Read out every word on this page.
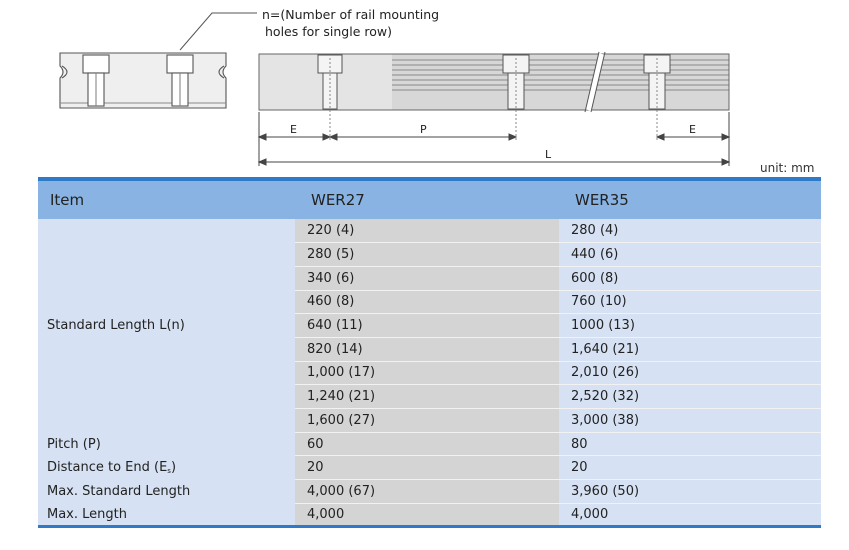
n=(Number of rail mounting
holes for single row)
E	P	E
L
unit: mm
Item	WER27	WER35
Standard Length L(n)	220 (4)	280 (4)
	280 (5)	440 (6)
	340 (6)	600 (8)
	460 (8)	760 (10)
	640 (11)	1000 (13)
	820 (14)	1,640 (21)
	1,000 (17)	2,010 (26)
	1,240 (21)	2,520 (32)
	1,600 (27)	3,000 (38)
Pitch (P)	60	80
Distance to End $(E_s)$	20	20
Max. Standard Length	4,000 (67)	3,960 (50)
Max. Length	4,000	4,000
